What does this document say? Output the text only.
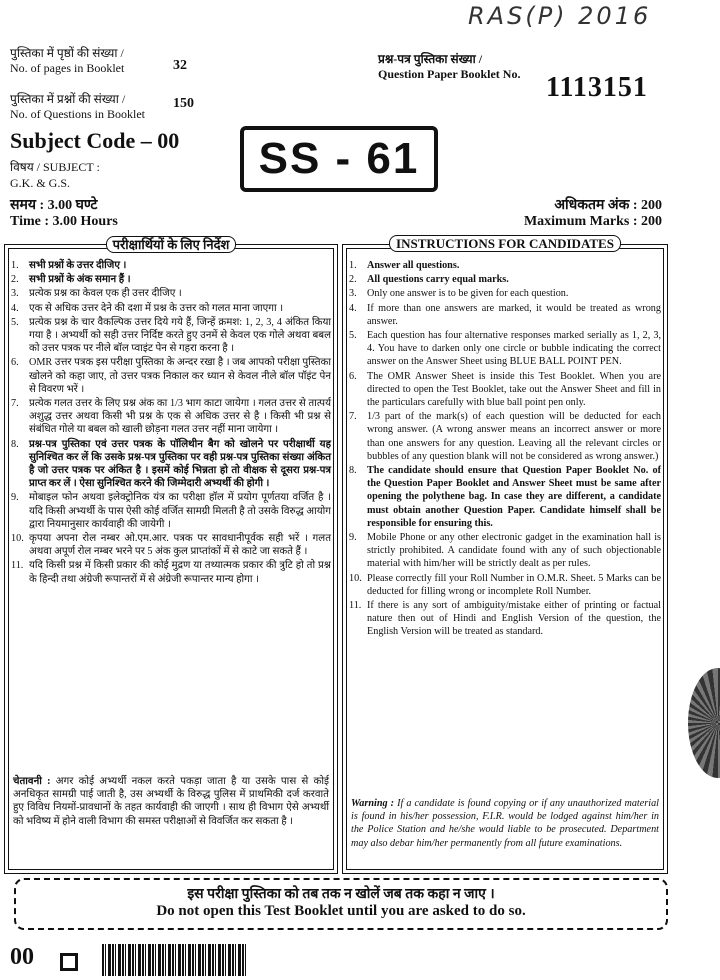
RAS(P) 2016
पुस्तिका में पृष्ठों की संख्या /
No. of pages in Booklet	32
पुस्तिका में प्रश्नों की संख्या /
No. of Questions in Booklet
150
प्रश्न-पत्र पुस्तिका संख्या /
Question Paper Booklet No. 1113151
Subject Code – 00	SS - 61
विषय / SUBJECT :
G.K. & G.S.
समय : 3.00 घण्टे
Time : 3.00 Hours
अधिकतम अंक : 200
Maximum Marks : 200
परीक्षार्थियों के लिए निर्देश
1.	सभी प्रश्नों के उत्तर दीजिए ।
2.	सभी प्रश्नों के अंक समान हैं ।
3.	प्रत्येक प्रश्न का केवल एक ही उत्तर दीजिए ।
4.	एक से अधिक उत्तर देने की दशा में प्रश्न के उत्तर को गलत माना जाएगा ।
5.	प्रत्येक प्रश्न के चार वैकल्पिक उत्तर दिये गये हैं, जिन्हें क्रमश: 1, 2, 3, 4 अंकित किया गया है । अभ्यर्थी को सही उत्तर निर्दिष्ट करते हुए उनमें से केवल एक गोले अथवा बबल को उत्तर पत्रक पर नीले बॉल प्वाइंट पेन से गहरा करना है ।
6.	OMR उत्तर पत्रक इस परीक्षा पुस्तिका के अन्दर रखा है । जब आपको परीक्षा पुस्तिका खोलने को कहा जाए, तो उत्तर पत्रक निकाल कर ध्यान से केवल नीले बॉल पॉइंट पेन से विवरण भरें ।
7.	प्रत्येक गलत उत्तर के लिए प्रश्न अंक का 1/3 भाग काटा जायेगा । गलत उत्तर से तात्पर्य अशुद्ध उत्तर अथवा किसी भी प्रश्न के एक से अधिक उत्तर से है । किसी भी प्रश्न से संबंधित गोले या बबल को खाली छोड़ना गलत उत्तर नहीं माना जायेगा ।
8.	प्रश्न-पत्र पुस्तिका एवं उत्तर पत्रक के पॉलिथीन बैग को खोलने पर परीक्षार्थी यह सुनिश्चित कर लें कि उसके प्रश्न-पत्र पुस्तिका पर वही प्रश्न-पत्र पुस्तिका संख्या अंकित है जो उत्तर पत्रक पर अंकित है । इसमें कोई भिन्नता हो तो वीक्षक से दूसरा प्रश्न-पत्र प्राप्त कर लें । ऐसा सुनिश्चित करने की जिम्मेदारी अभ्यर्थी की होगी ।
9.	मोबाइल फोन अथवा इलेक्ट्रोनिक यंत्र का परीक्षा हॉल में प्रयोग पूर्णतया वर्जित है । यदि किसी अभ्यर्थी के पास ऐसी कोई वर्जित सामग्री मिलती है तो उसके विरुद्ध आयोग द्वारा नियमानुसार कार्यवाही की जायेगी ।
10. कृपया अपना रोल नम्बर ओ.एम.आर. पत्रक पर सावधानीपूर्वक सही भरें । गलत अथवा अपूर्ण रोल नम्बर भरने पर 5 अंक कुल प्राप्तांकों में से काटे जा सकते हैं ।
11. यदि किसी प्रश्न में किसी प्रकार की कोई मुद्रण या तथ्यात्मक प्रकार की त्रुटि हो तो प्रश्न के हिन्दी तथा अंग्रेजी रूपान्तरों में से अंग्रेजी रूपान्तर मान्य होगा ।
चेतावनी : अगर कोई अभ्यर्थी नकल करते पकड़ा जाता है या उसके पास से कोई अनधिकृत सामग्री पाई जाती है, उस अभ्यर्थी के विरुद्ध पुलिस में प्राथमिकी दर्ज करवाते हुए विविध नियमों-प्रावधानों के तहत कार्यवाही की जाएगी । साथ ही विभाग ऐसे अभ्यर्थी को भविष्य में होने वाली विभाग की समस्त परीक्षाओं से विवर्जित कर सकता है ।
INSTRUCTIONS FOR CANDIDATES
1.	Answer all questions.
2.	All questions carry equal marks.
3.	Only one answer is to be given for each question.
4.	If more than one answers are marked, it would be treated as wrong answer.
5.	Each question has four alternative responses marked serially as 1, 2, 3, 4. You have to darken only one circle or bubble indicating the correct answer on the Answer Sheet using BLUE BALL POINT PEN.
6.	The OMR Answer Sheet is inside this Test Booklet. When you are directed to open the Test Booklet, take out the Answer Sheet and fill in the particulars carefully with blue ball point pen only.
7.	1/3 part of the mark(s) of each question will be deducted for each wrong answer. (A wrong answer means an incorrect answer or more than one answers for any question. Leaving all the relevant circles or bubbles of any question blank will not be considered as wrong answer.)
8.	The candidate should ensure that Question Paper Booklet No. of the Question Paper Booklet and Answer Sheet must be same after opening the polythene bag. In case they are different, a candidate must obtain another Question Paper. Candidate himself shall be responsible for ensuring this.
9.	Mobile Phone or any other electronic gadget in the examination hall is strictly prohibited. A candidate found with any of such objectionable material with him/her will be strictly dealt as per rules.
10. Please correctly fill your Roll Number in O.M.R. Sheet. 5 Marks can be deducted for filling wrong or incomplete Roll Number.
11. If there is any sort of ambiguity/mistake either of printing or factual nature then out of Hindi and English Version of the question, the English Version will be treated as standard.
Warning : If a candidate is found copying or if any unauthorized material is found in his/her possession, F.I.R. would be lodged against him/her in the Police Station and he/she would liable to be prosecuted. Department may also debar him/her permanently from all future examinations.
इस परीक्षा पुस्तिका को तब तक न खोलें जब तक कहा न जाए ।
Do not open this Test Booklet until you are asked to do so.
00
